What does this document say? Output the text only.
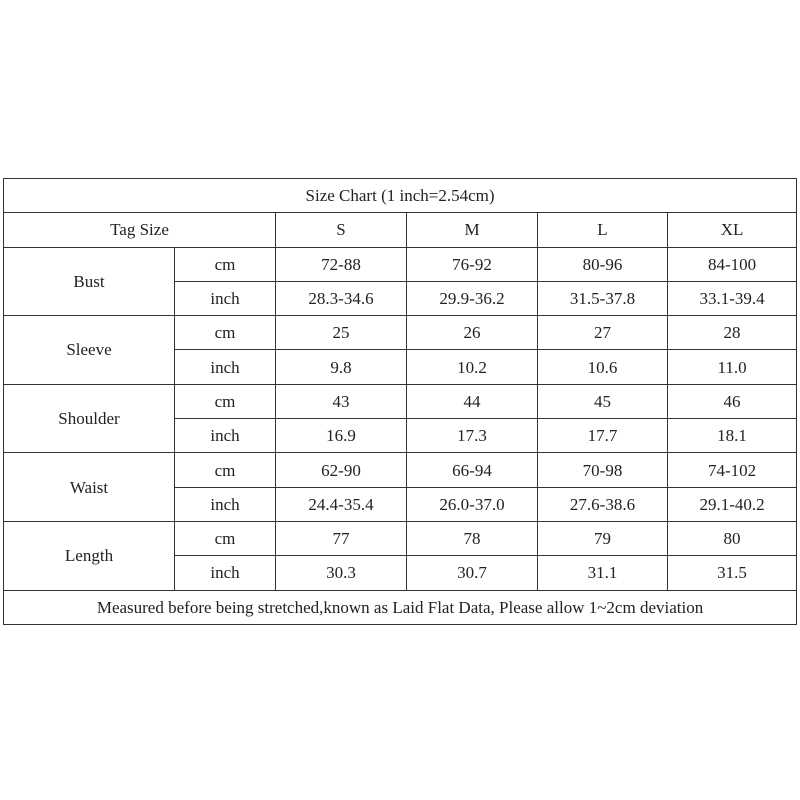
Size Chart (1 inch=2.54cm)					
Tag Size		S	M	L	XL
Bust	cm	72-88	76-92	80-96	84-100
	inch	28.3-34.6	29.9-36.2	31.5-37.8	33.1-39.4
Sleeve	cm	25	26	27	28
	inch	9.8	10.2	10.6	11.0
Shoulder	cm	43	44	45	46
	inch	16.9	17.3	17.7	18.1
Waist	cm	62-90	66-94	70-98	74-102
	inch	24.4-35.4	26.0-37.0	27.6-38.6	29.1-40.2
Length	cm	77	78	79	80
	inch	30.3	30.7	31.1	31.5
Measured before being stretched,known as Laid Flat Data, Please allow 1~2cm deviation					
